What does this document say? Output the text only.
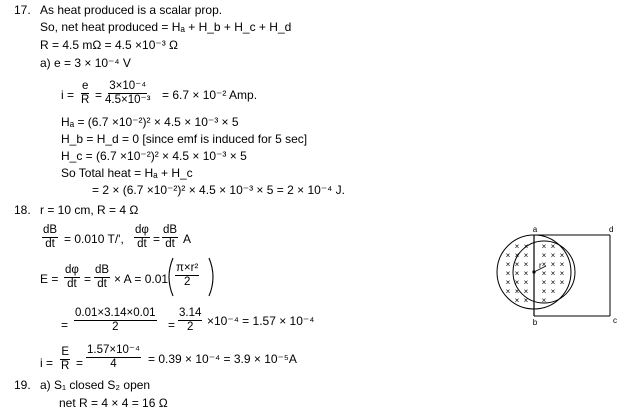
17. As heat produced is a scalar prop.
So, net heat produced = Hₐ + H_b + H_c + H_d
R = 4.5 mΩ = 4.5 ×10⁻³ Ω
a) e = 3 × 10⁻⁴ V
$i = \frac{e}{R} = \frac{\text{3×10⁻⁴}}{\text{4.5×10⁻³}} = 6.7 \times 10^{-2}$ Amp.
Hₐ = (6.7 ×10⁻²)² × 4.5 × 10⁻³ × 5
H_b = H_d = 0 [since emf is induced for 5 sec]
H_c = (6.7 ×10⁻²)² × 4.5 × 10⁻³ × 5
So Total heat = Hₐ + H_c
= 2 × (6.7 ×10⁻²)² × 4.5 × 10⁻³ × 5 = 2 × 10⁻⁴ J.
18. r = 10 cm, R = 4 Ω
$\frac{dB}{dt} = 0.010$ T/', $\frac{d\varphi}{dt} = \frac{dB}{dt}$ A
$E = \frac{d\varphi}{dt} = \frac{dB}{dt} \times A = 0.01 \frac{\text{π×r²}}{2}$
= $\frac{0.01\times 3.14\times 0.01}{2} = \frac{3.14}{2} \times 10^{-4} = 1.57 \times 10^{-4}$
$i = \frac{E}{R} = \frac{\text{1.57×10⁻⁴}}{4} = 0.39 \times 10^{-4} = 3.9 \times 10^{-5}A$
19. a) S₁ closed S₂ open
net R = 4 × 4 = 16 Ω
× × × ×
× × × × × ×
× × × × × ×
× × × × × ×
× × × × × ×
× × × × ×
× × ×
r
a
b	c
d
